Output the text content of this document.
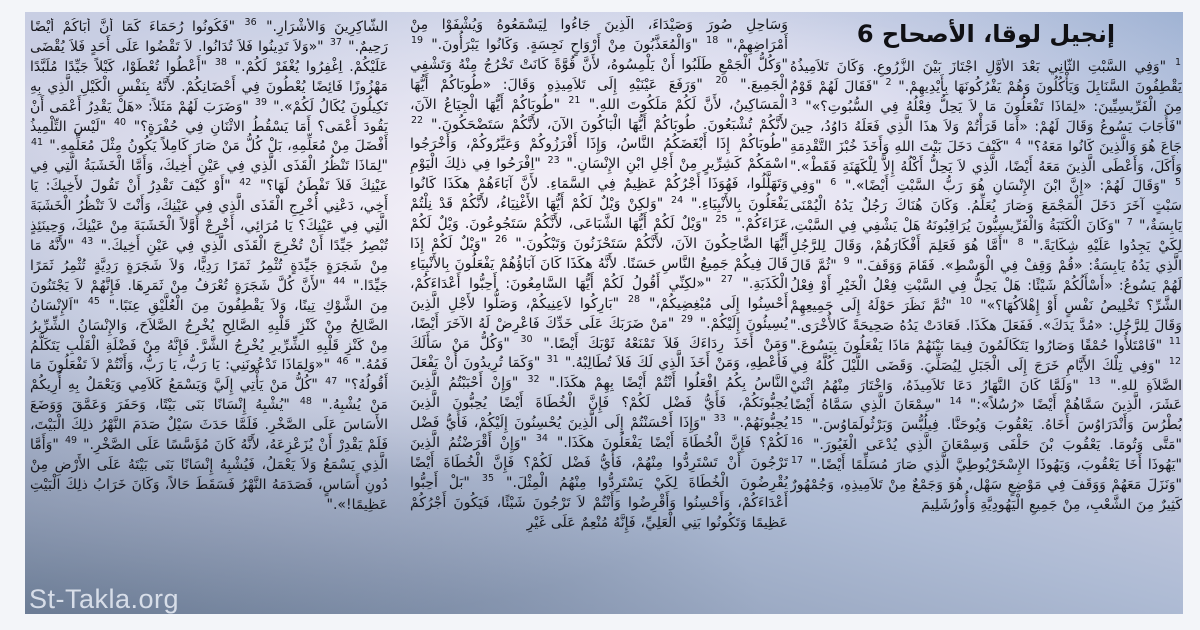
إنجيل لوقا، الأصحاح 6
$^1$ "وَفِي السَّبْتِ الثَّانِي بَعْدَ الأَوَّلِ اجْتَازَ بَيْنَ الزُّرُوعِ. وَكَانَ تَلاَمِيذُهُ يَقْطِفُونَ السَّنَابِلَ وَيَأْكُلُونَ وَهُمْ يَفْرُكُونَهَا بِأَيْدِيهِمْ." $^2$ "فَقَالَ لَهُمْ قَوْمٌ مِنَ الْفَرِّيسِيِّينَ: «لِمَاذَا تَفْعَلُونَ مَا لاَ يَحِلُّ فِعْلُهُ فِي السُّبُوتِ؟»" $^3$ "فَأَجَابَ يَسُوعُ وَقَالَ لَهُمْ: «أَمَا قَرَأْتُمْ وَلاَ هذَا الَّذِي فَعَلَهُ دَاوُدُ، حِينَ جَاعَ هُوَ وَالَّذِينَ كَانُوا مَعَهُ؟" $^4$ "كَيْفَ دَخَلَ بَيْتَ اللهِ وَأَخَذَ خُبْزَ التَّقْدِمَةِ وَأَكَلَ، وَأَعْطَى الَّذِينَ مَعَهُ أَيْضًا، الَّذِي لاَ يَحِلُّ أَكْلُهُ إِلاَّ لِلْكَهَنَةِ فَقَطْ»." $^5$ "وَقَالَ لَهُمْ: «إِنَّ ابْنَ الإِنْسَانِ هُوَ رَبُّ السَّبْتِ أَيْضًا»." $^6$ "وَفِي سَبْتٍ آخَرَ دَخَلَ الْمَجْمَعَ وَصَارَ يُعَلِّمُ. وَكَانَ هُنَاكَ رَجُلٌ يَدُهُ الْيُمْنَى يَابِسَةٌ،" $^7$ "وَكَانَ الْكَتَبَةُ وَالْفَرِّيسِيُّونَ يُرَاقِبُونَهُ هَلْ يَشْفِي فِي السَّبْتِ، لِكَيْ يَجِدُوا عَلَيْهِ شِكَايَةً." $^8$ "أَمَّا هُوَ فَعَلِمَ أَفْكَارَهُمْ، وَقَالَ لِلرَّجُلِ الَّذِي يَدُهُ يَابِسَةٌ: «قُمْ وَقِفْ فِي الْوَسْطِ». فَقَامَ وَوَقَفَ." $^9$ "ثُمَّ قَالَ لَهُمْ يَسُوعُ: «أَسْأَلُكُمْ شَيْئًا: هَلْ يَحِلُّ فِي السَّبْتِ فِعْلُ الْخَيْرِ أَوْ فِعْلُ الشَّرِّ؟ تَخْلِيصُ نَفْسٍ أَوْ إِهْلاَكُهَا؟»" $^{10}$ "ثُمَّ نَظَرَ حَوْلَهُ إِلَى جَمِيعِهِمْ وَقَالَ لِلرَّجُلِ: «مُدَّ يَدَكَ». فَفَعَلَ هكَذَا. فَعَادَتْ يَدُهُ صَحِيحَةً كَالأُخْرَى." $^{11}$ "فَامْتَلأُوا حُمْقًا وَصَارُوا يَتَكَالَمُونَ فِيمَا بَيْنَهُمْ مَاذَا يَفْعَلُونَ بِيَسُوعَ." $^{12}$ "وَفِي تِلْكَ الأَيَّامِ خَرَجَ إِلَى الْجَبَلِ لِيُصَلِّيَ. وَقَضَى اللَّيْلَ كُلَّهُ فِي الصَّلاَةِ للهِ." $^{13}$ "وَلَمَّا كَانَ النَّهَارُ دَعَا تَلاَمِيذَهُ، وَاخْتَارَ مِنْهُمُ اثْنَيْ عَشَرَ، الَّذِينَ سَمَّاهُمْ أَيْضًا «رُسُلاً»:" $^{14}$ "سِمْعَانَ الَّذِي سَمَّاهُ أَيْضًا بُطْرُسَ وَأَنْدَرَاوُسَ أَخَاهُ. يَعْقُوبَ وَيُوحَنَّا. فِيلُبُّسَ وَبَرْثُولَمَاوُسَ." $^{15}$ "مَتَّى وَتُومَا. يَعْقُوبَ بْنَ حَلْفَى وَسِمْعَانَ الَّذِي يُدْعَى الْغَيُورَ." $^{16}$ "يَهُوذَا أَخَا يَعْقُوبَ، وَيَهُوذَا الإِسْخَرْيُوطِيَّ الَّذِي صَارَ مُسَلِّمًا أَيْضًا." $^{17}$ "وَنَزَلَ مَعَهُمْ وَوَقَفَ فِي مَوْضِعٍ سَهْل، هُوَ وَجَمْعٌ مِنْ تَلاَمِيذِهِ، وَجُمْهُورٌ كَثِيرٌ مِنَ الشَّعْبِ، مِنْ جَمِيعِ الْيَهُودِيَّةِ وَأُورُشَلِيمَ
وَسَاحِلِ صُورَ وَصَيْدَاءَ، الَّذِينَ جَاءُوا لِيَسْمَعُوهُ وَيُشْفَوْا مِنْ أَمْرَاضِهِمْ،" $^{18}$ "وَالْمُعَذَّبُونَ مِنْ أَرْوَاحٍ نَجِسَةٍ. وَكَانُوا يَبْرَأُونَ." $^{19}$ "وَكُلُّ الْجَمْعِ طَلَبُوا أَنْ يَلْمِسُوهُ، لأَنَّ قُوَّةً كَانَتْ تَخْرُجُ مِنْهُ وَتَشْفِي الْجَمِيعَ." $^{20}$ "وَرَفَعَ عَيْنَيْهِ إِلَى تَلاَمِيذِهِ وَقَالَ: «طُوبَاكُمْ أَيُّهَا الْمَسَاكِينُ، لأَنَّ لَكُمْ مَلَكُوتَ اللهِ." $^{21}$ "طُوبَاكُمْ أَيُّهَا الْجِيَاعُ الآنَ، لأَنَّكُمْ تُشْبَعُونَ. طُوبَاكُمْ أَيُّهَا الْبَاكُونَ الآنَ، لأَنَّكُمْ سَتَضْحَكُونَ." $^{22}$ "طُوبَاكُمْ إِذَا أَبْغَضَكُمُ النَّاسُ، وَإِذَا أَفْرَزُوكُمْ وَعَيَّرُوكُمْ، وَأَخْرَجُوا اسْمَكُمْ كَشِرِّيرٍ مِنْ أَجْلِ ابْنِ الإِنْسَانِ." $^{23}$ "اِفْرَحُوا فِي ذلِكَ الْيَوْمِ وَتَهَلَّلُوا، فَهُوَذَا أَجْرُكُمْ عَظِيمٌ فِي السَّمَاءِ. لأَنَّ آبَاءَهُمْ هكَذَا كَانُوا يَفْعَلُونَ بِالأَنْبِيَاءِ." $^{24}$ "وَلكِنْ وَيْلٌ لَكُمْ أَيُّهَا الأَغْنِيَاءُ، لأَنَّكُمْ قَدْ نِلْتُمْ عَزَاءَكُمْ." $^{25}$ "وَيْلٌ لَكُمْ أَيُّهَا الشَّبَاعَى، لأَنَّكُمْ سَتَجُوعُونَ. وَيْلٌ لَكُمْ أَيُّهَا الضَّاحِكُونَ الآنَ، لأَنَّكُمْ سَتَحْزَنُونَ وَتَبْكُونَ." $^{26}$ "وَيْلٌ لَكُمْ إِذَا قَالَ فِيكُمْ جَمِيعُ النَّاسِ حَسَنًا. لأَنَّهُ هكَذَا كَانَ آبَاؤُهُمْ يَفْعَلُونَ بِالأَنْبِيَاءِ الْكَذَبَةِ." $^{27}$ "«لكِنِّي أَقُولُ لَكُمْ أَيُّهَا السَّامِعُونَ: أَحِبُّوا أَعْدَاءَكُمْ، أَحْسِنُوا إِلَى مُبْغِضِيكُمْ،" $^{28}$ "بَارِكُوا لاَعِنِيكُمْ، وَصَلُّوا لأَجْلِ الَّذِينَ يُسِيئُونَ إِلَيْكُمْ." $^{29}$ "مَنْ ضَرَبَكَ عَلَى خَدِّكَ فَاعْرِضْ لَهُ الآخَرَ أَيْضًا، وَمَنْ أَخَذَ رِدَاءَكَ فَلاَ تَمْنَعْهُ ثَوْبَكَ أَيْضًا." $^{30}$ "وَكُلُّ مَنْ سَأَلَكَ فَأَعْطِهِ، وَمَنْ أَخَذَ الَّذِي لَكَ فَلاَ تُطَالِبْهُ." $^{31}$ "وَكَمَا تُرِيدُونَ أَنْ يَفْعَلَ النَّاسُ بِكُمُ افْعَلُوا أَنْتُمْ أَيْضًا بِهِمْ هكَذَا." $^{32}$ "وَإِنْ أَحْبَبْتُمُ الَّذِينَ يُحِبُّونَكُمْ، فَأَيُّ فَضْل لَكُمْ؟ فَإِنَّ الْخُطَاةَ أَيْضًا يُحِبُّونَ الَّذِينَ يُحِبُّونَهُمْ." $^{33}$ "وَإِذَا أَحْسَنْتُمْ إِلَى الَّذِينَ يُحْسِنُونَ إِلَيْكُمْ، فَأَيُّ فَضْل لَكُمْ؟ فَإِنَّ الْخُطَاةَ أَيْضًا يَفْعَلُونَ هكَذَا." $^{34}$ "وَإِنْ أَقْرَضْتُمُ الَّذِينَ تَرْجُونَ أَنْ تَسْتَرِدُّوا مِنْهُمْ، فَأَيُّ فَضْل لَكُمْ؟ فَإِنَّ الْخُطَاةَ أَيْضًا يُقْرِضُونَ الْخُطَاةَ لِكَيْ يَسْتَرِدُّوا مِنْهُمُ الْمِثْلَ." $^{35}$ "بَلْ أَحِبُّوا أَعْدَاءَكُمْ، وَأَحْسِنُوا وَأَقْرِضُوا وَأَنْتُمْ لاَ تَرْجُونَ شَيْئًا، فَيَكُونَ أَجْرُكُمْ عَظِيمًا وَتَكُونُوا بَنِي الْعَلِيِّ، فَإِنَّهُ مُنْعِمٌ عَلَى غَيْرِ
الشَّاكِرِينَ وَالأَشْرَارِ." $^{36}$ "فَكُونُوا رُحَمَاءَ كَمَا أَنَّ أَبَاكُمْ أَيْضًا رَحِيمٌ." $^{37}$ "«وَلاَ تَدِينُوا فَلاَ تُدَانُوا. لاَ تَقْضُوا عَلَى أَحَدٍ فَلاَ يُقْضَى عَلَيْكُمْ. اِغْفِرُوا يُغْفَرْ لَكُمْ." $^{38}$ "أَعْطُوا تُعْطَوْا، كَيْلاً جَيِّدًا مُلَبَّدًا مَهْزُوزًا فَائِضًا يُعْطُونَ فِي أَحْضَانِكُمْ. لأَنَّهُ بِنَفْسِ الْكَيْلِ الَّذِي بِهِ تَكِيلُونَ يُكَالُ لَكُمْ»." $^{39}$ "وَضَرَبَ لَهُمْ مَثَلاً: «هَلْ يَقْدِرُ أَعْمَى أَنْ يَقُودَ أَعْمَى؟ أَمَا يَسْقُطُ الاثْنَانِ فِي حُفْرَةٍ؟" $^{40}$ "لَيْسَ التِّلْمِيذُ أَفْضَلَ مِنْ مُعَلِّمِهِ، بَلْ كُلُّ مَنْ صَارَ كَامِلاً يَكُونُ مِثْلَ مُعَلِّمِهِ." $^{41}$ "لِمَاذَا تَنْظُرُ الْقَذَى الَّذِي فِي عَيْنِ أَخِيكَ، وَأَمَّا الْخَشَبَةُ الَّتِي فِي عَيْنِكَ فَلاَ تَفْطَنُ لَهَا؟" $^{42}$ "أَوْ كَيْفَ تَقْدِرُ أَنْ تَقُولَ لأَخِيكَ: يَا أَخِي، دَعْنِي أُخْرِجِ الْقَذَى الَّذِي فِي عَيْنِكَ، وَأَنْتَ لاَ تَنْظُرُ الْخَشَبَةَ الَّتِي فِي عَيْنِكَ؟ يَا مُرَائِي، أَخْرِجْ أَوَّلاً الْخَشَبَةَ مِنْ عَيْنِكَ، وَحِينَئِذٍ تُبْصِرُ جَيِّدًا أَنْ تُخْرِجَ الْقَذَى الَّذِي فِي عَيْنِ أَخِيكَ." $^{43}$ "لأَنَّهُ مَا مِنْ شَجَرَةٍ جَيِّدَةٍ تُثْمِرُ ثَمَرًا رَدِيًّا، وَلاَ شَجَرَةٍ رَدِيَّةٍ تُثْمِرُ ثَمَرًا جَيِّدًا." $^{44}$ "لأَنَّ كُلَّ شَجَرَةٍ تُعْرَفُ مِنْ ثَمَرِهَا. فَإِنَّهُمْ لاَ يَجْتَنُونَ مِنَ الشَّوْكِ تِينًا، وَلاَ يَقْطِفُونَ مِنَ الْعُلَّيْقِ عِنَبًا." $^{45}$ "اَلإِنْسَانُ الصَّالِحُ مِنْ كَنْزِ قَلْبِهِ الصَّالِحِ يُخْرِجُ الصَّلاَحَ، وَالإِنْسَانُ الشِّرِّيرُ مِنْ كَنْزِ قَلْبِهِ الشِّرِّيرِ يُخْرِجُ الشَّرَّ. فَإِنَّهُ مِنْ فَضْلَةِ الْقَلْبِ يَتَكَلَّمُ فَمُهُ." $^{46}$ "«وَلِمَاذَا تَدْعُونَنِي: يَا رَبُّ، يَا رَبُّ، وَأَنْتُمْ لاَ تَفْعَلُونَ مَا أَقُولُهُ؟" $^{47}$ "كُلُّ مَنْ يَأْتِي إِلَيَّ وَيَسْمَعُ كَلاَمِي وَيَعْمَلُ بِهِ أُرِيكُمْ مَنْ يُشْبِهُ." $^{48}$ "يُشْبِهُ إِنْسَانًا بَنَى بَيْتًا، وَحَفَرَ وَعَمَّقَ وَوَضَعَ الأَسَاسَ عَلَى الصَّخْرِ. فَلَمَّا حَدَثَ سَيْلٌ صَدَمَ النَّهْرُ ذلِكَ الْبَيْتَ، فَلَمْ يَقْدِرْ أَنْ يُزَعْزِعَهُ، لأَنَّهُ كَانَ مُؤَسَّسًا عَلَى الصَّخْرِ." $^{49}$ "وَأَمَّا الَّذِي يَسْمَعُ وَلاَ يَعْمَلُ، فَيُشْبِهُ إِنْسَانًا بَنَى بَيْتَهُ عَلَى الأَرْضِ مِنْ دُونِ أَسَاسٍ، فَصَدَمَهُ النَّهْرُ فَسَقَطَ حَالاً، وَكَانَ خَرَابُ ذلِكَ الْبَيْتِ عَظِيمًا!»."
St-Takla.org
